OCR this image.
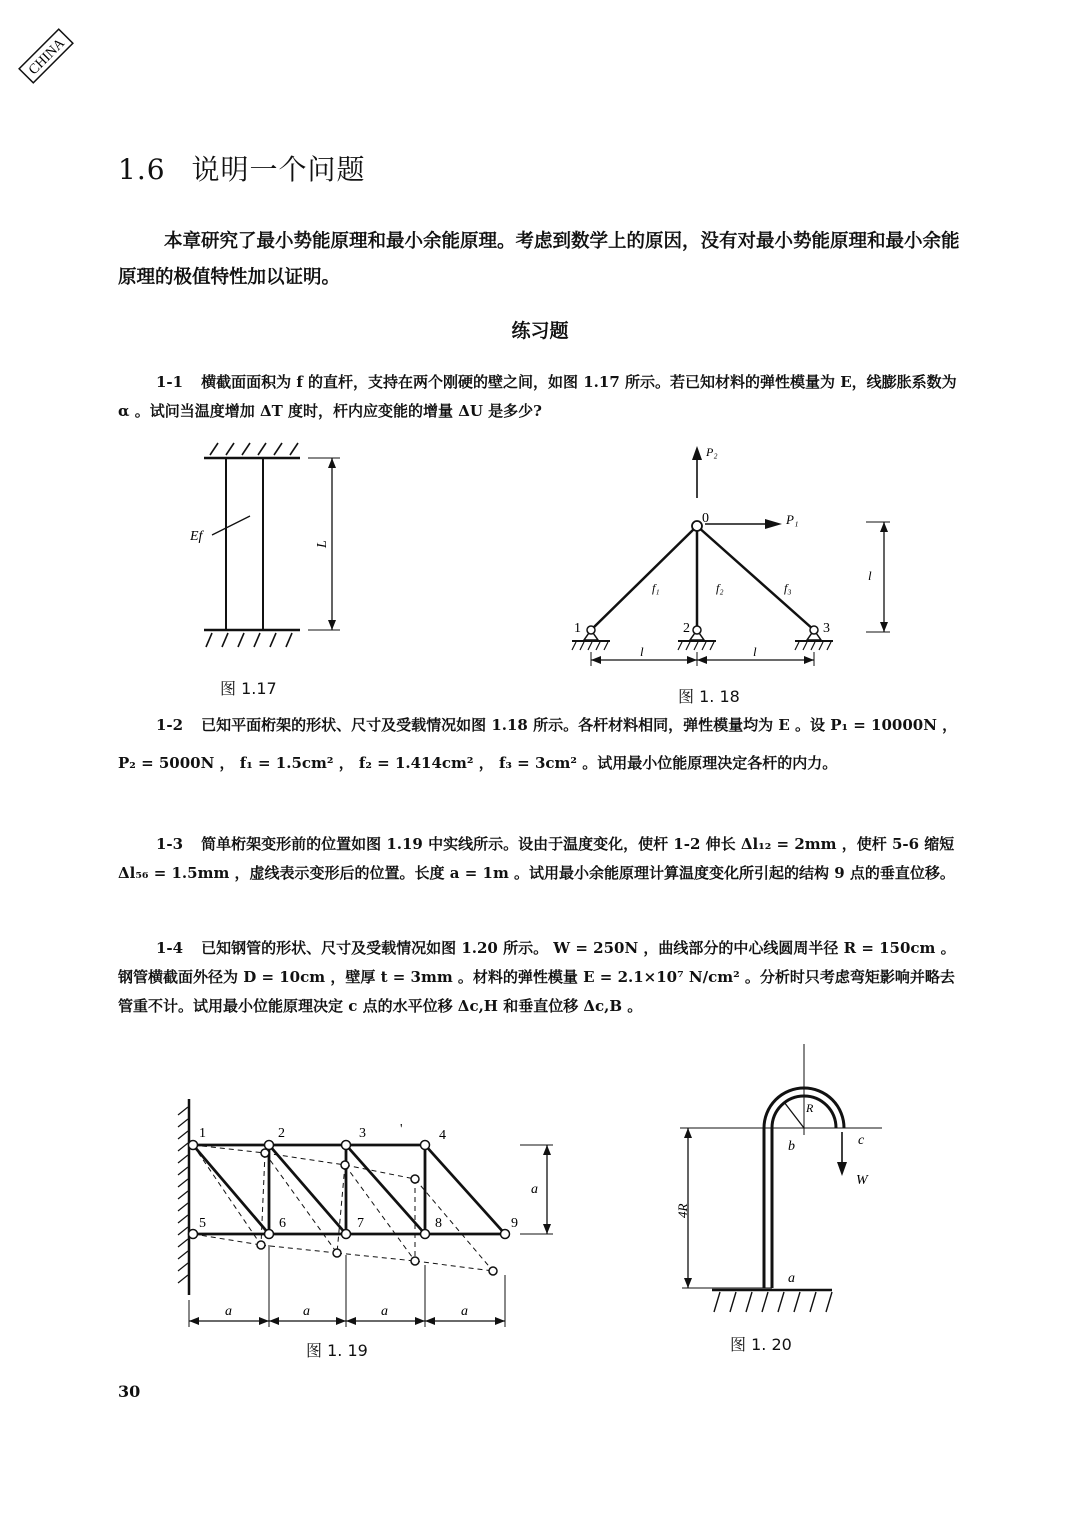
CHINA
1.6 说明一个问题
本章研究了最小势能原理和最小余能原理。考虑到数学上的原因，没有对最小势能原理和最小余能原理的极值特性加以证明。
练习题
1-1 横截面面积为 f 的直杆，支持在两个刚硬的壁之间，如图 1.17 所示。若已知材料的弹性模量为 E，线膨胀系数为 α 。试问当温度增加 ΔT 度时，杆内应变能的增量 ΔU 是多少?
Ef
L
图 1.17
P₂
P₁
0
f₁	f₂	f₃
1	2	3
l	l
l
图 1. 18
1-2 已知平面桁架的形状、尺寸及受载情况如图 1.18 所示。各杆材料相同，弹性模量均为 E 。设 P₁ = 10000N ， P₂ = 5000N ， f₁ = 1.5cm² ， f₂ = 1.414cm² ， f₃ = 3cm² 。试用最小位能原理决定各杆的内力。
1-3 简单桁架变形前的位置如图 1.19 中实线所示。设由于温度变化，使杆 1-2 伸长 Δl₁₂ = 2mm ，使杆 5-6 缩短 Δl₅₆ = 1.5mm ，虚线表示变形后的位置。长度 a = 1m 。试用最小余能原理计算温度变化所引起的结构 9 点的垂直位移。
1-4 已知钢管的形状、尺寸及受载情况如图 1.20 所示。 W = 250N ，曲线部分的中心线圆周半径 R = 150cm 。钢管横截面外径为 D = 10cm ，壁厚 t = 3mm 。材料的弹性模量 E = 2.1×10⁷ N/cm² 。分析时只考虑弯矩影响并略去管重不计。试用最小位能原理决定 c 点的水平位移 Δc,H 和垂直位移 Δc,B 。
1	2	3 '	4
5	6	7	8	9
a
a	a	a	a
图 1. 19
R
b	c
W
4R
a
图 1. 20
30
